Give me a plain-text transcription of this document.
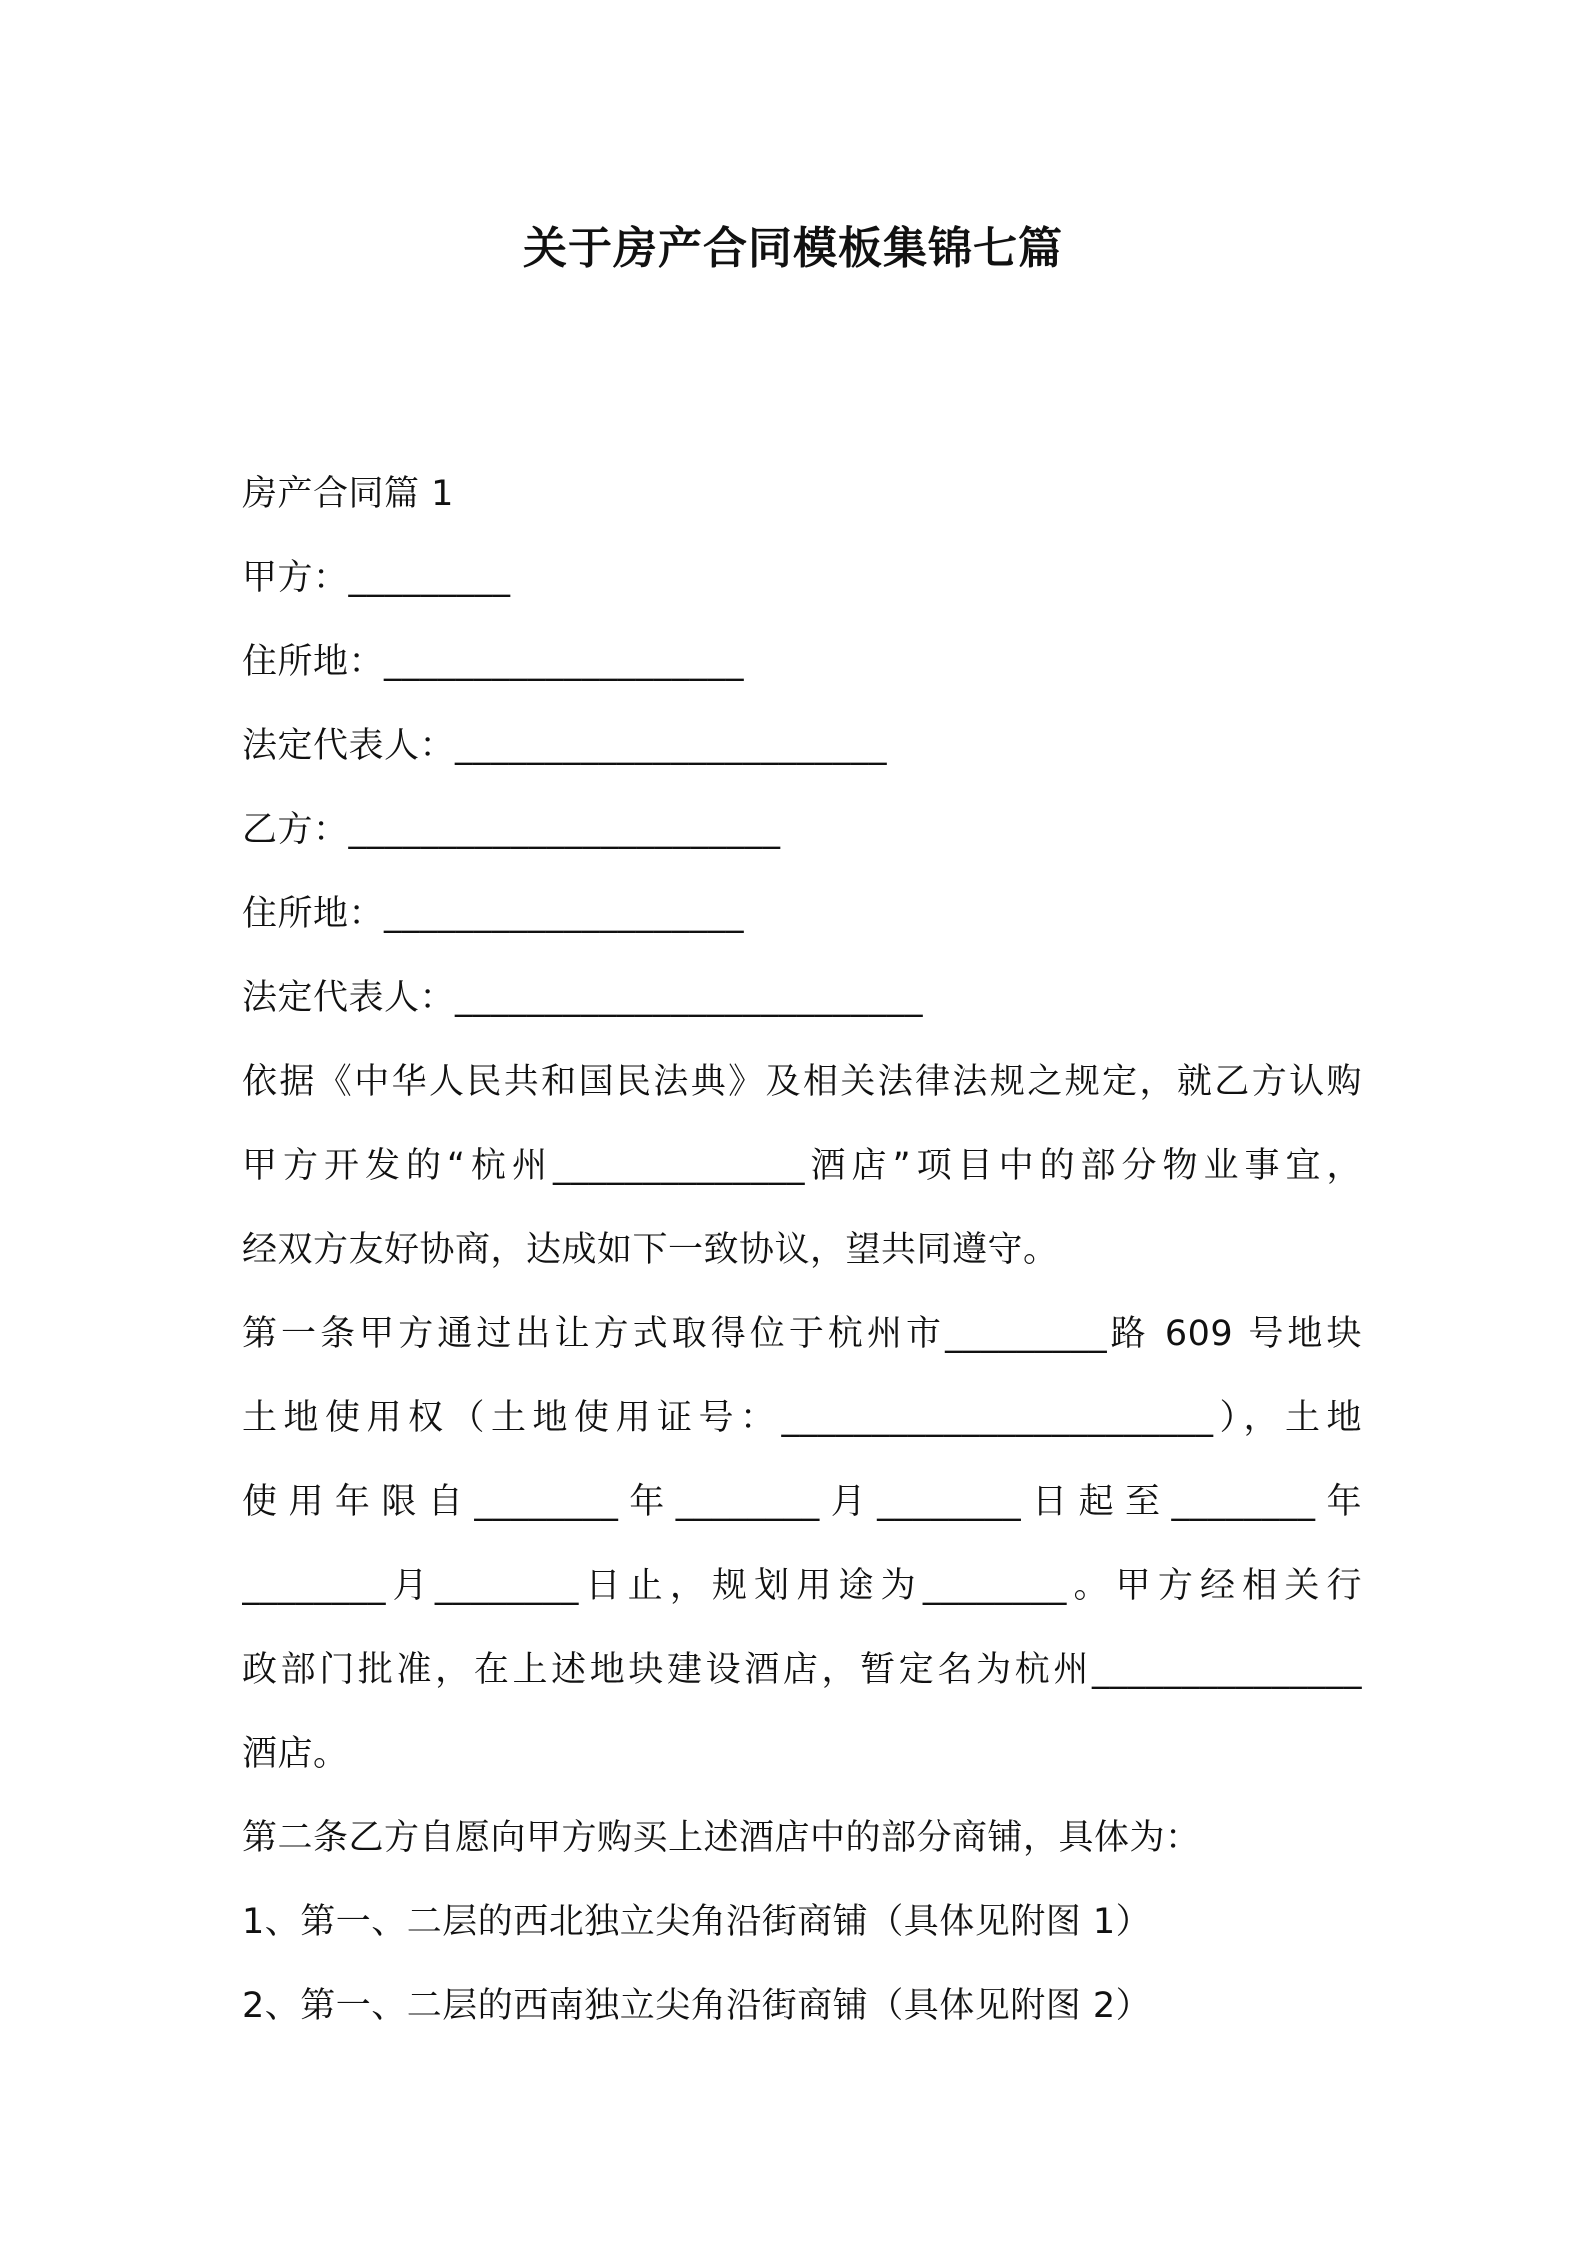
关于房产合同模板集锦七篇
房产合同篇 1
甲方：_________
住所地：____________________
法定代表人：________________________
乙方：________________________
住所地：____________________
法定代表人：__________________________
依据《中华人民共和国民法典》及相关法律法规之规定，就乙方认购
甲方开发的“杭州______________酒店”项目中的部分物业事宜，
经双方友好协商，达成如下一致协议，望共同遵守。
第一条甲方通过出让方式取得位于杭州市_________路 609 号地块
土地使用权（土地使用证号：________________________），土地
使用年限自________年________月________日起至________年
________月________日止，规划用途为________。甲方经相关行
政部门批准，在上述地块建设酒店，暂定名为杭州_______________
酒店。
第二条乙方自愿向甲方购买上述酒店中的部分商铺，具体为：
1、第一、二层的西北独立尖角沿街商铺（具体见附图 1）
2、第一、二层的西南独立尖角沿街商铺（具体见附图 2）
